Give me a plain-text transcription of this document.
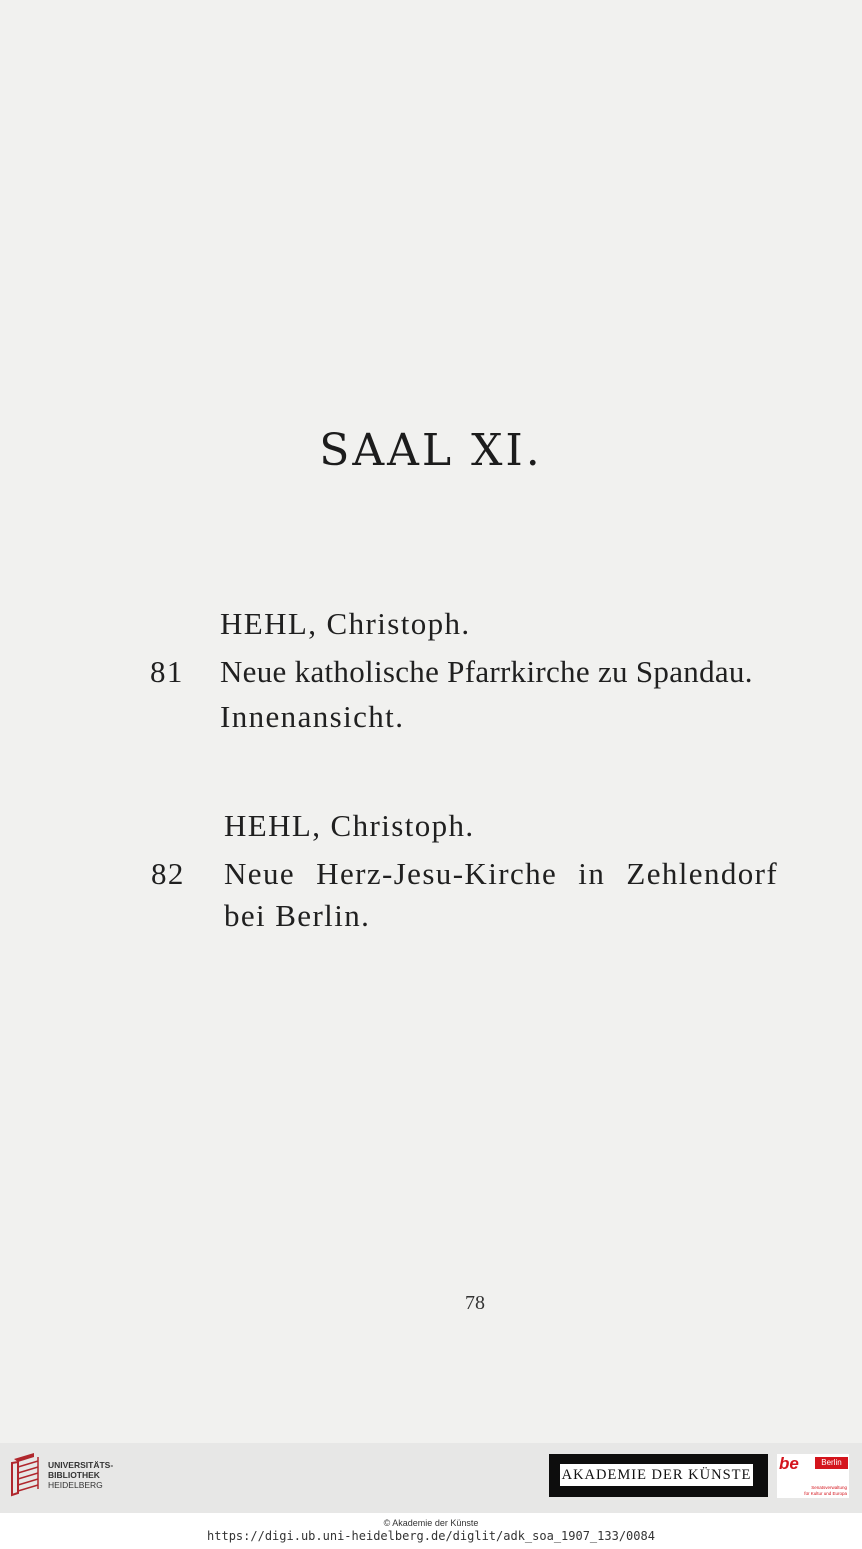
SAAL XI.
HEHL, Christoph.
81 Neue katholische Pfarrkirche zu Spandau.
Innenansicht.
HEHL, Christoph.
82 Neue Herz-Jesu-Kirche in Zehlendorf
bei Berlin.
78
UNIVERSITÄTS-
BIBLIOTHEK
HEIDELBERG
AKADEMIE DER KÜNSTE
be	Berlin
Senatsverwaltung
für Kultur und Europa
© Akademie der Künste
https://digi.ub.uni-heidelberg.de/diglit/adk_soa_1907_133/0084
